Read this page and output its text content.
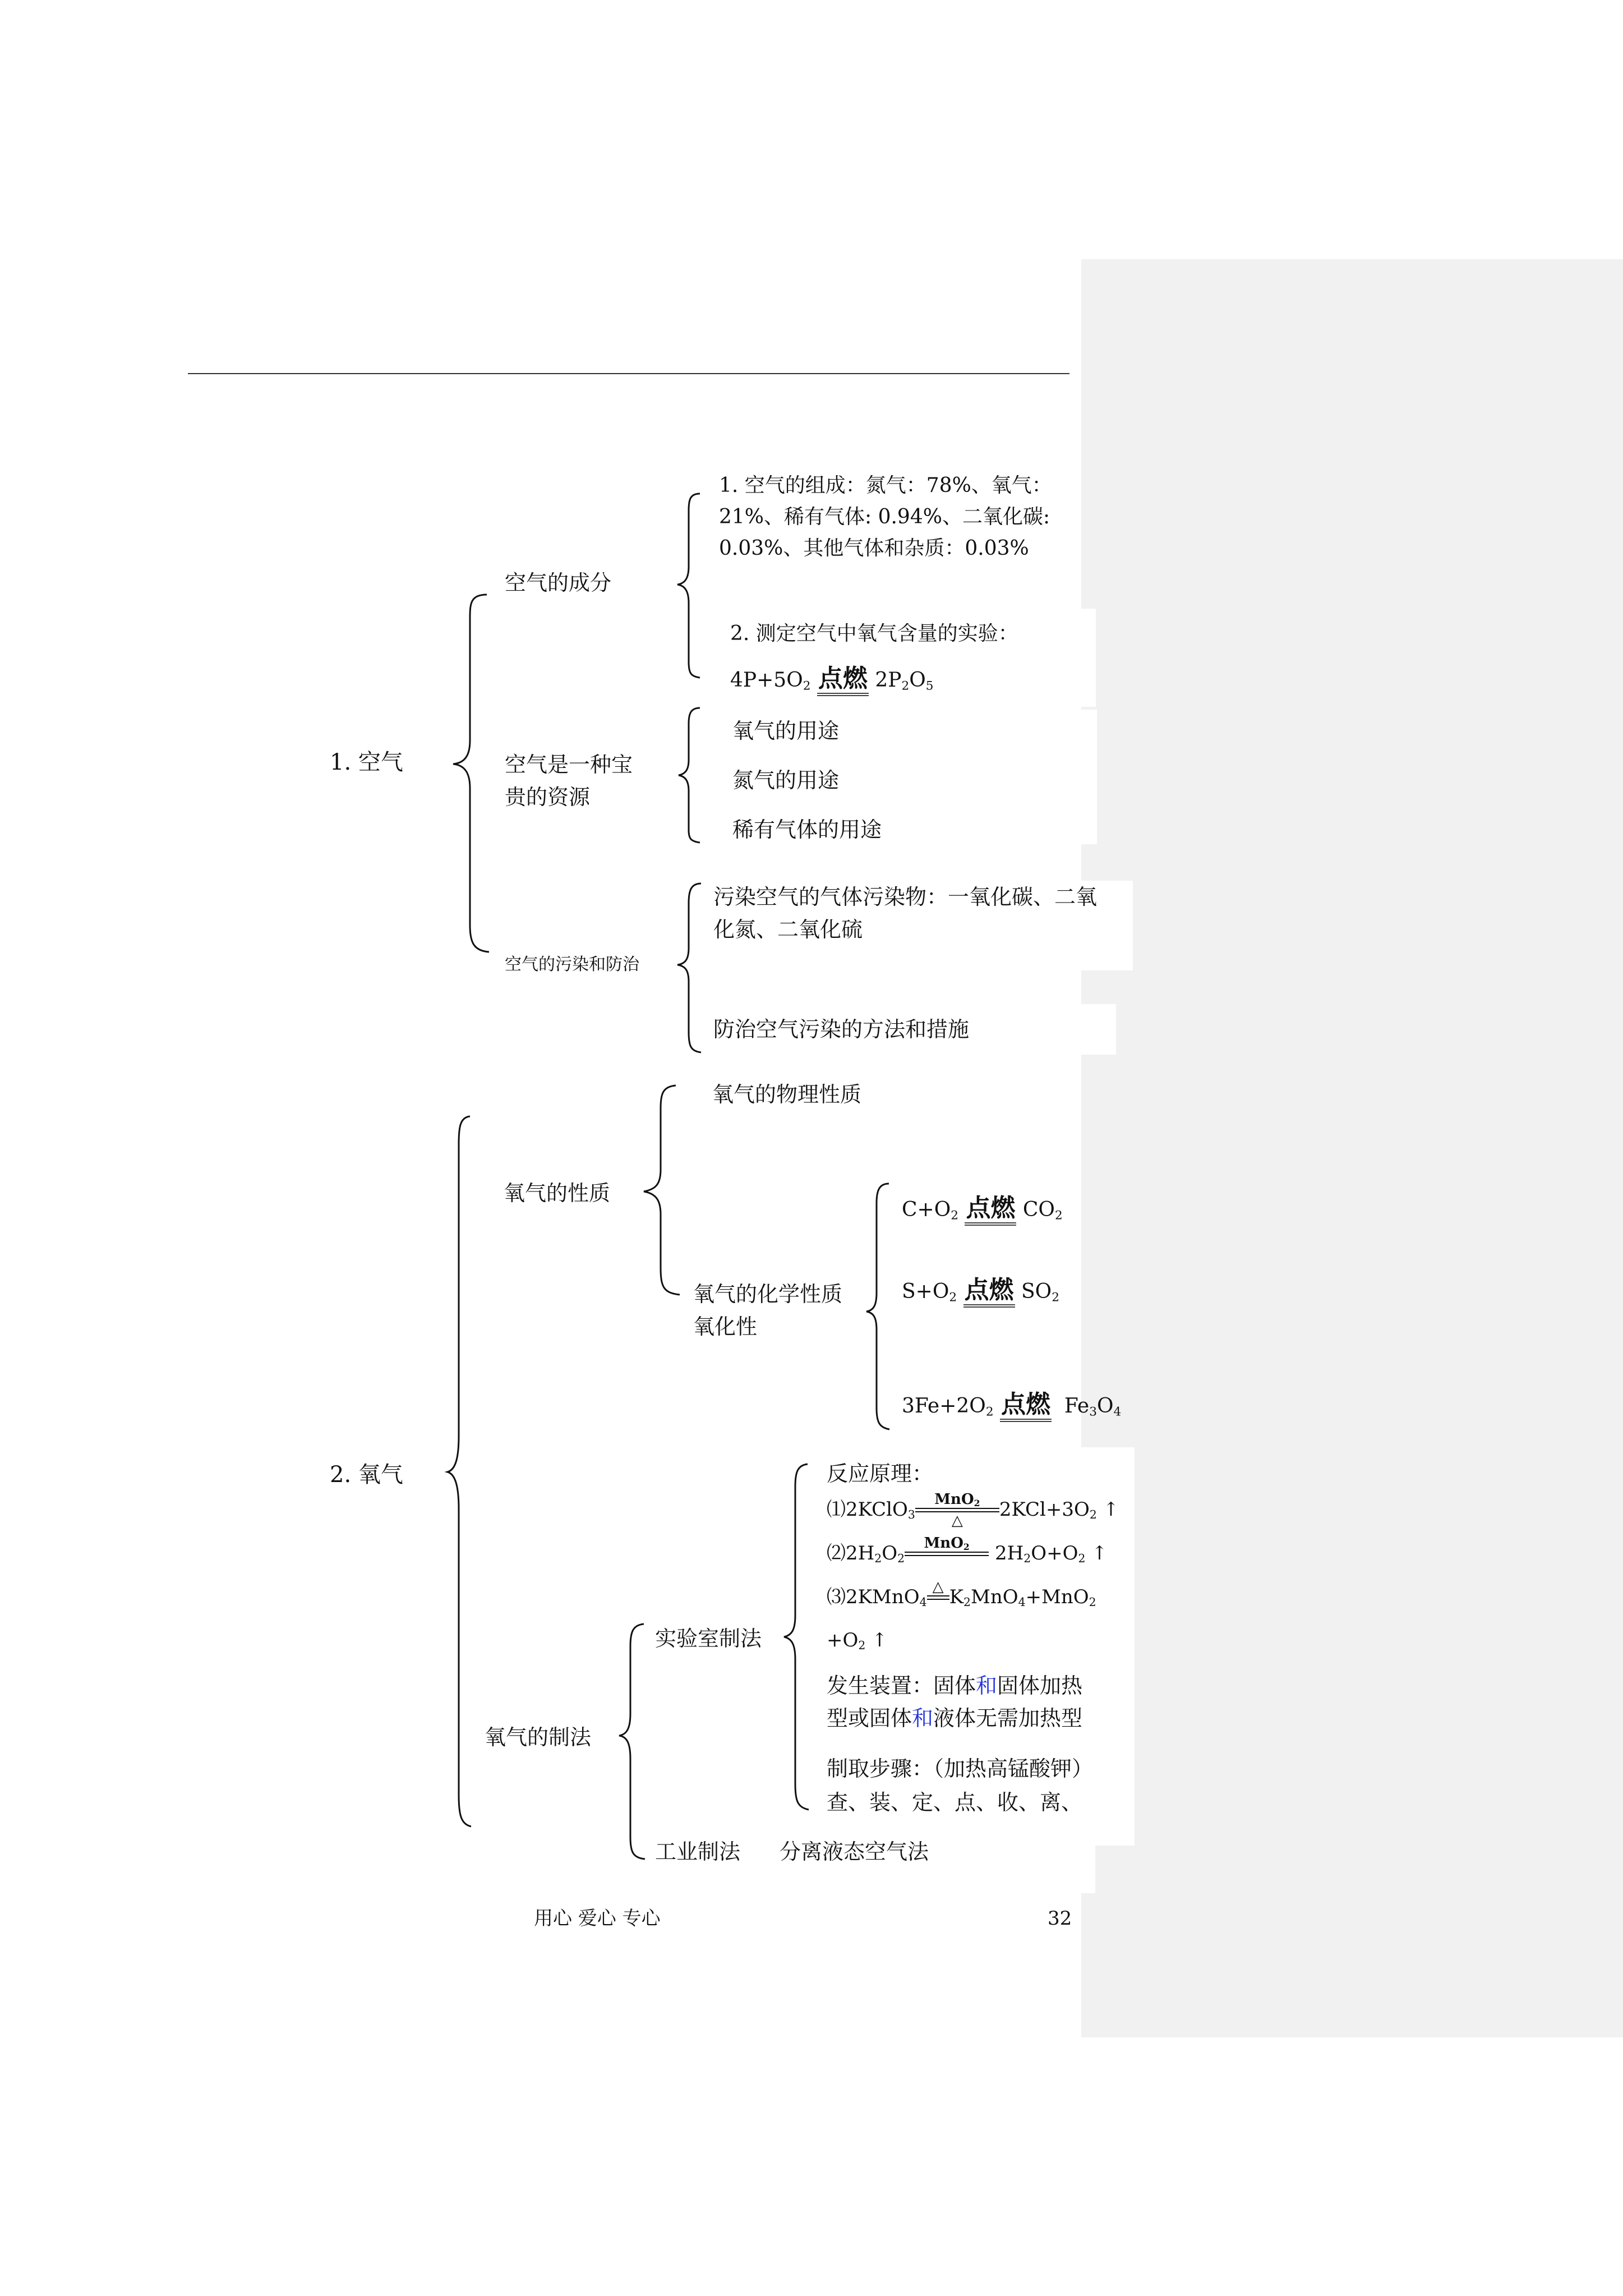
1. 空气
空气的成分
1. 空气的组成：氮气：78%、氧气：
21%、稀有气体: 0.94%、二氧化碳:
0.03%、其他气体和杂质：0.03%
2. 测定空气中氧气含量的实验：
$4P+5O_2$ 点燃 $2P_2O_5$
空气是一种宝
贵的资源
氧气的用途
氮气的用途
稀有气体的用途
空气的污染和防治
污染空气的气体污染物：一氧化碳、二氧
化氮、二氧化硫
防治空气污染的方法和措施
2. 氧气
氧气的性质
氧气的物理性质
氧气的化学性质
氧化性
$C+O_2$ 点燃 $CO_2$
$S+O_2$ 点燃 $SO_2$
$3Fe+2O_2$ 点燃 $Fe_3O_4$
氧气的制法
实验室制法
反应原理：
⑴2KClO$_3$
MnO$_2$
△	$2KCl+3O_2$ ↑
$⑵2H_2O_2$
MnO$_2$	$2H_2O+O_2$ ↑
⑶2KMnO$_4$
△ $K_2MnO_4+MnO_2$
$+O_2$ ↑
发生装置：固体和固体加热
型或固体和液体无需加热型
制取步骤：（加热高锰酸钾）
查、装、定、点、收、离、
工业制法 分离液态空气法
用心 爱心 专心	32
